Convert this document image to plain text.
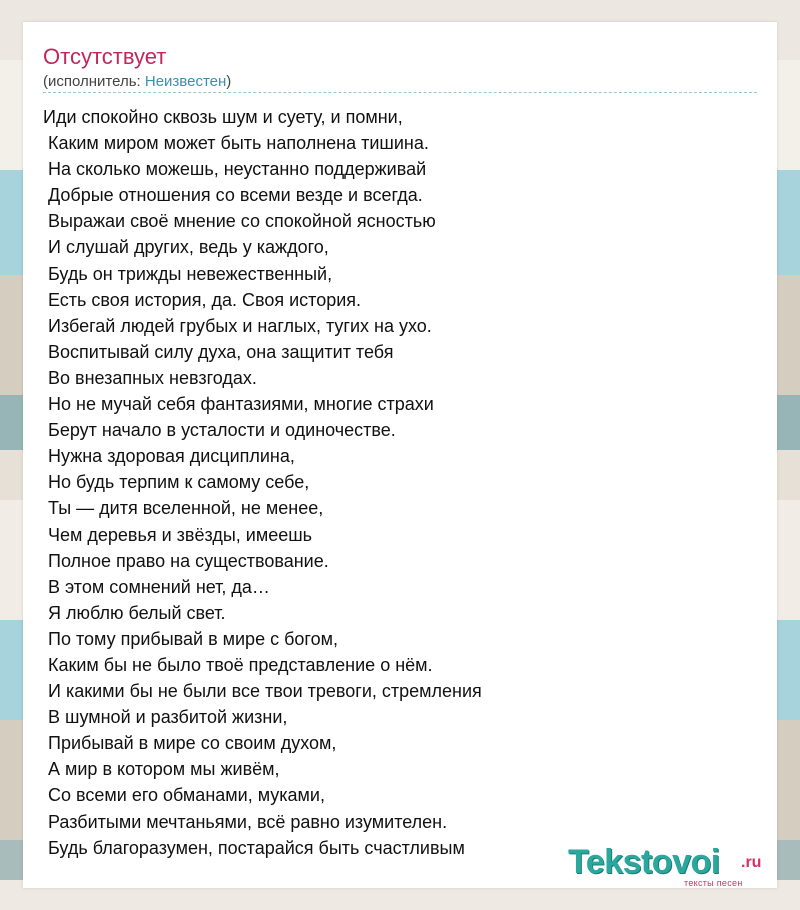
Отсутствует
(исполнитель: Неизвестен)
Иди спокойно сквозь шум и суету, и помни,
Каким миром может быть наполнена тишина.
На сколько можешь, неустанно поддерживай
Добрые отношения со всеми везде и всегда.
Выражаи своё мнение со спокойной ясностью
И слушай других, ведь у каждого,
Будь он трижды невежественный,
Есть своя история, да. Своя история.
Избегай людей грубых и наглых, тугих на ухо.
Воспитывай силу духа, она защитит тебя
Во внезапных невзгодах.
Но не мучай себя фантазиями, многие страхи
Берут начало в усталости и одиночестве.
Нужна здоровая дисциплина,
Но будь терпим к самому себе,
Ты — дитя вселенной, не менее,
Чем деревья и звёзды, имеешь
Полное право на существование.
В этом сомнений нет, да…
Я люблю белый свет.
По тому прибывай в мире с богом,
Каким бы не было твоё представление о нём.
И какими бы не были все твои тревоги, стремления
В шумной и разбитой жизни,
Прибывай в мире со своим духом,
А мир в котором мы живём,
Со всеми его обманами, муками,
Разбитыми мечтаньями, всё равно изумителен.
Будь благоразумен, постарайся быть счастливым	Tekstovoi .ru
тексты песен
